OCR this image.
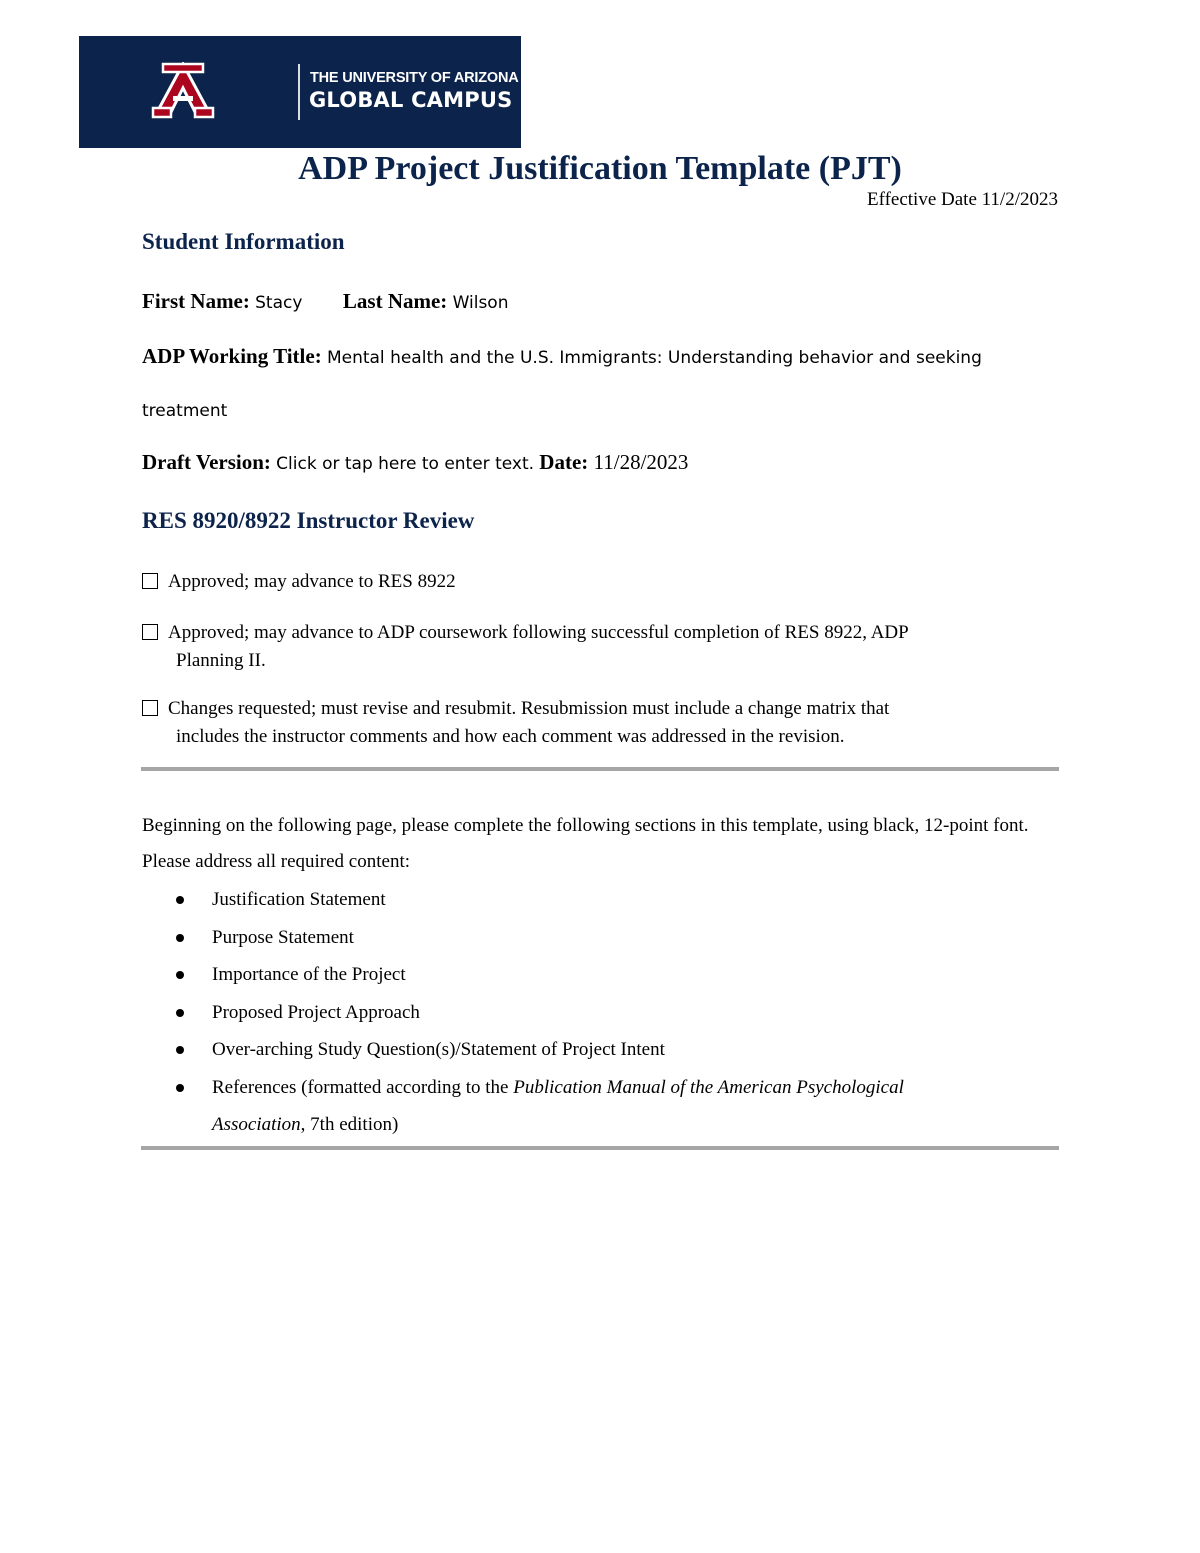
THE UNIVERSITY OF ARIZONA
GLOBAL CAMPUS
ADP Project Justification Template (PJT)
Effective Date 11/2/2023
Student Information
First Name: Stacy Last Name: Wilson
ADP Working Title: Mental health and the U.S. Immigrants: Understanding behavior and seeking
treatment
Draft Version: Click or tap here to enter text. Date: 11/28/2023
RES 8920/8922 Instructor Review
Approved; may advance to RES 8922
Approved; may advance to ADP coursework following successful completion of RES 8922, ADP
Planning II.
Changes requested; must revise and resubmit. Resubmission must include a change matrix that
includes the instructor comments and how each comment was addressed in the revision.
Beginning on the following page, please complete the following sections in this template, using black, 12-point font. Please address all required content:
Justification Statement
Purpose Statement
Importance of the Project
Proposed Project Approach
Over-arching Study Question(s)/Statement of Project Intent
References (formatted according to the Publication Manual of the American Psychological
Association, 7th edition)
